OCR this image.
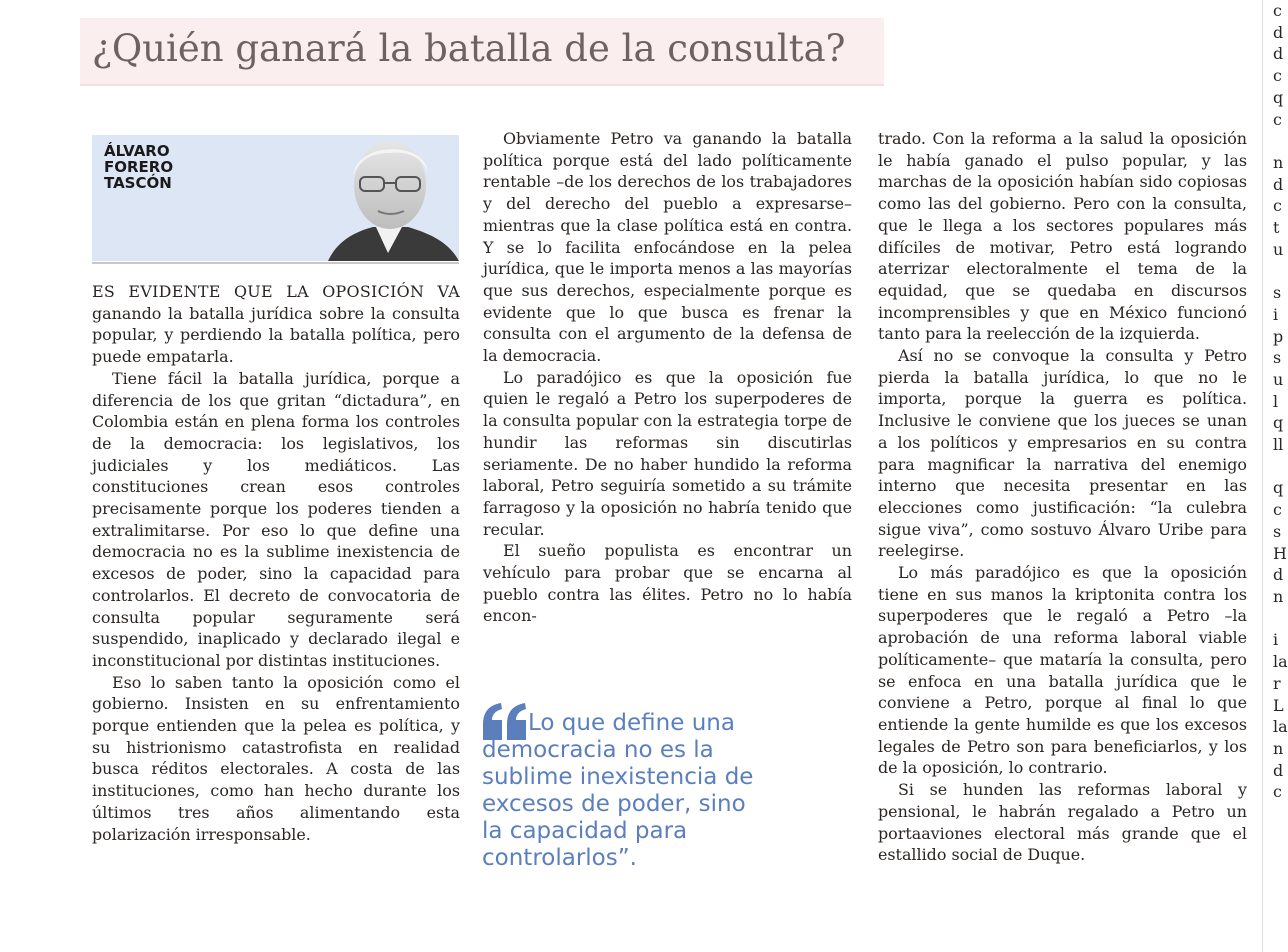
¿Quién ganará la batalla de la consulta?
ÁLVARO
FORERO
TASCÓN

ES EVIDENTE QUE LA OPOSICIÓN VA ganando la batalla jurídica sobre la consulta popular, y perdiendo la batalla política, pero puede empatarla.

Tiene fácil la batalla jurídica, porque a diferencia de los que gritan “dictadura”, en Colombia están en plena forma los controles de la democracia: los legislativos, los judiciales y los mediáticos. Las constituciones crean esos controles precisamente porque los poderes tienden a extralimitarse. Por eso lo que define una democracia no es la sublime inexistencia de excesos de poder, sino la capacidad para controlarlos. El decreto de convocatoria de consulta popular seguramente será suspendido, inaplicado y declarado ilegal e inconstitucional por distintas instituciones.

Eso lo saben tanto la oposición como el gobierno. Insisten en su enfrentamiento porque entienden que la pelea es política, y su histrionismo catastrofista en realidad busca réditos electorales. A costa de las instituciones, como han hecho durante los últimos tres años alimentando esta polarización irresponsable.

Obviamente Petro va ganando la batalla política porque está del lado políticamente rentable –de los derechos de los trabajadores y del derecho del pueblo a expresarse– mientras que la clase política está en contra. Y se lo facilita enfocándose en la pelea jurídica, que le importa menos a las mayorías que sus derechos, especialmente porque es evidente que lo que busca es frenar la consulta con el argumento de la defensa de la democracia.

Lo paradójico es que la oposición fue quien le regaló a Petro los superpoderes de la consulta popular con la estrategia torpe de hundir las reformas sin discutirlas seriamente. De no haber hundido la reforma laboral, Petro seguiría sometido a su trámite farragoso y la oposición no habría tenido que recular.

El sueño populista es encontrar un vehículo para probar que se encarna al pueblo contra las élites. Petro no lo había encon-

Lo que define una democracia no es la sublime inexistencia de excesos de poder, sino la capacidad para controlarlos”.

trado. Con la reforma a la salud la oposición le había ganado el pulso popular, y las marchas de la oposición habían sido copiosas como las del gobierno. Pero con la consulta, que le llega a los sectores populares más difíciles de motivar, Petro está logrando aterrizar electoralmente el tema de la equidad, que se quedaba en discursos incomprensibles y que en México funcionó tanto para la reelección de la izquierda.

Así no se convoque la consulta y Petro pierda la batalla jurídica, lo que no le importa, porque la guerra es política. Inclusive le conviene que los jueces se unan a los políticos y empresarios en su contra para magnificar la narrativa del enemigo interno que necesita presentar en las elecciones como justificación: “la culebra sigue viva”, como sostuvo Álvaro Uribe para reelegirse.

Lo más paradójico es que la oposición tiene en sus manos la kriptonita contra los superpoderes que le regaló a Petro –la aprobación de una reforma laboral viable políticamente– que mataría la consulta, pero se enfoca en una batalla jurídica que le conviene a Petro, porque al final lo que entiende la gente humilde es que los excesos legales de Petro son para beneficiarlos, y los de la oposición, lo contrario.

Si se hunden las reformas laboral y pensional, le habrán regalado a Petro un portaaviones electoral más grande que el estallido social de Duque.

c
d
d
c
q
c

n
d
c
t
u

s
i
p
s
u
l
q
ll

q
c
s
H
d
n

i
la
r
L
la
n
d
c
